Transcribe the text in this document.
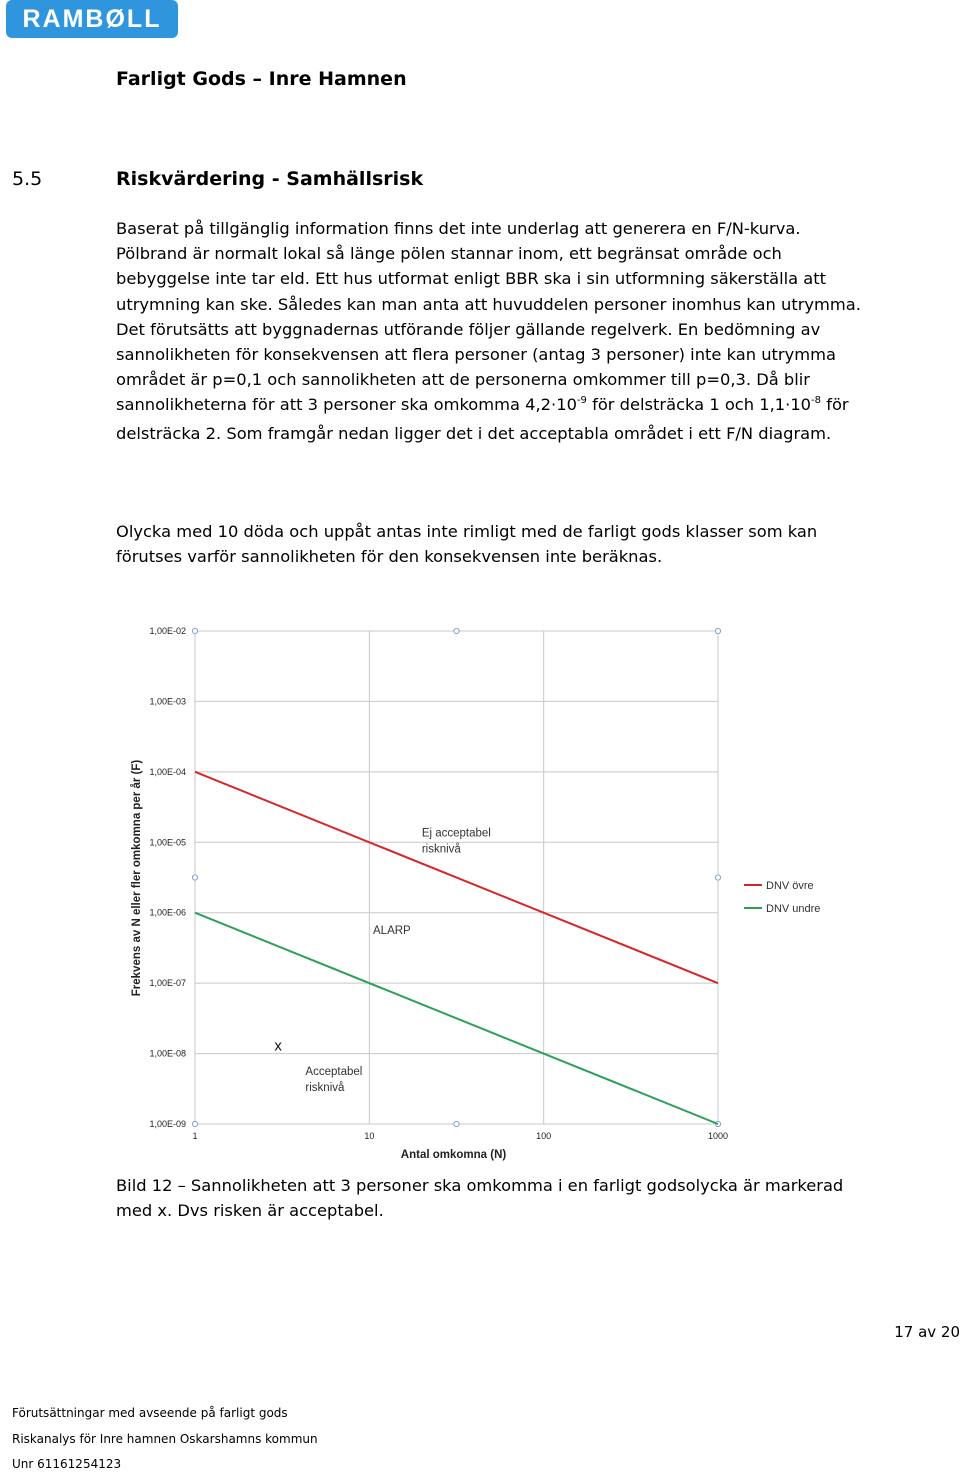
RAMBØLL
Farligt Gods – Inre Hamnen
5.5	Riskvärdering - Samhällsrisk
Baserat på tillgänglig information finns det inte underlag att generera en F/N-kurva. Pölbrand är normalt lokal så länge pölen stannar inom, ett begränsat område och bebyggelse inte tar eld. Ett hus utformat enligt BBR ska i sin utformning säkerställa att utrymning kan ske. Således kan man anta att huvuddelen personer inomhus kan utrymma. Det förutsätts att byggnadernas utförande följer gällande regelverk. En bedömning av sannolikheten för konsekvensen att flera personer (antag 3 personer) inte kan utrymma området är p=0,1 och sannolikheten att de personerna omkommer till p=0,3. Då blir sannolikheterna för att 3 personer ska omkomma $4,2\cdot 10^{-9}$ för delsträcka 1 och $1,1\cdot 10^{-8}$ för delsträcka 2. Som framgår nedan ligger det i det acceptabla området i ett F/N diagram.
Olycka med 10 döda och uppåt antas inte rimligt med de farligt gods klasser som kan förutses varför sannolikheten för den konsekvensen inte beräknas.
1,00E-02
1,00E-03
1,00E-04
1,00E-05
1,00E-06
1,00E-07
1,00E-08
1,00E-09
1	10	100	1000
Ej acceptabel
risknivå
ALARP
Acceptabel
risknivå
x
DNV övre
DNV undre
Antal omkomna (N)
Frekvens av N eller fler omkomna per år (F)
Bild 12 – Sannolikheten att 3 personer ska omkomma i en farligt godsolycka är markerad med x. Dvs risken är acceptabel.
17 av 20
Förutsättningar med avseende på farligt gods
Riskanalys för Inre hamnen Oskarshamns kommun
Unr 61161254123
